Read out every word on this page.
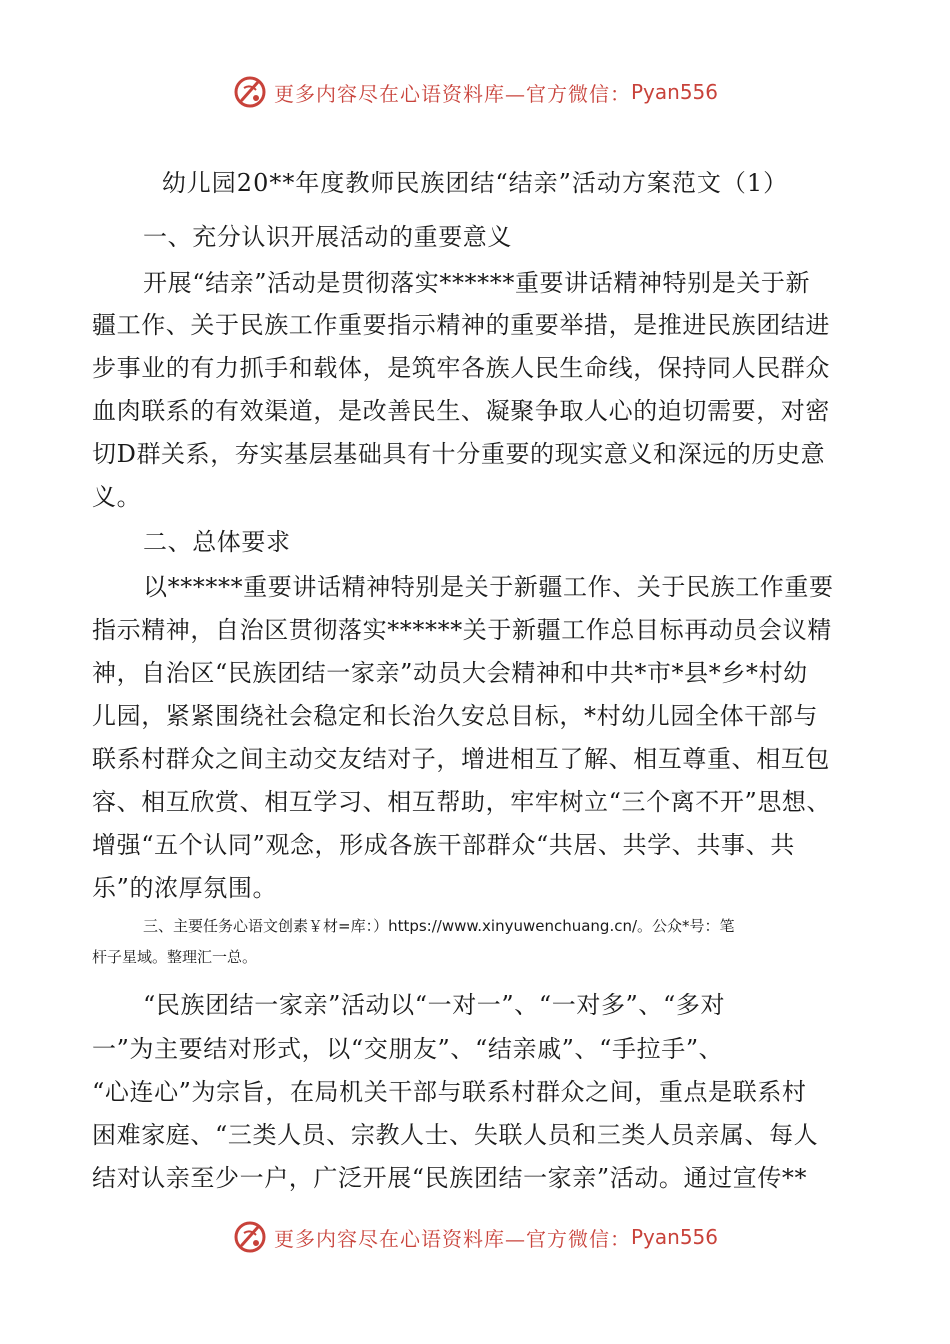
更多内容尽在心语资料库—官方微信： Pyan556
幼儿园20**年度教师民族团结“结亲”活动方案范文（1）
一、充分认识开展活动的重要意义
开展“结亲”活动是贯彻落实******重要讲话精神特别是关于新
疆工作、关于民族工作重要指示精神的重要举措，是推进民族团结进
步事业的有力抓手和载体，是筑牢各族人民生命线，保持同人民群众
血肉联系的有效渠道，是改善民生、凝聚争取人心的迫切需要，对密
切D群关系，夯实基层基础具有十分重要的现实意义和深远的历史意
义。
二、总体要求
以******重要讲话精神特别是关于新疆工作、关于民族工作重要
指示精神，自治区贯彻落实******关于新疆工作总目标再动员会议精
神，自治区“民族团结一家亲”动员大会精神和中共*市*县*乡*村幼
儿园，紧紧围绕社会稳定和长治久安总目标，*村幼儿园全体干部与
联系村群众之间主动交友结对子，增进相互了解、相互尊重、相互包
容、相互欣赏、相互学习、相互帮助，牢牢树立“三个离不开”思想、
增强“五个认同”观念，形成各族干部群众“共居、共学、共事、共
乐”的浓厚氛围。
三、主要任务心语文创素￥材=库：）https://www.xinyuwenchuang.cn/。公众*号：笔
杆子星域。整理汇一总。
“民族团结一家亲”活动以“一对一”、“一对多”、“多对
一”为主要结对形式，以“交朋友”、“结亲戚”、“手拉手”、
“心连心”为宗旨，在局机关干部与联系村群众之间，重点是联系村
困难家庭、“三类人员、宗教人士、失联人员和三类人员亲属、每人
结对认亲至少一户，广泛开展“民族团结一家亲”活动。通过宣传**
更多内容尽在心语资料库—官方微信： Pyan556
